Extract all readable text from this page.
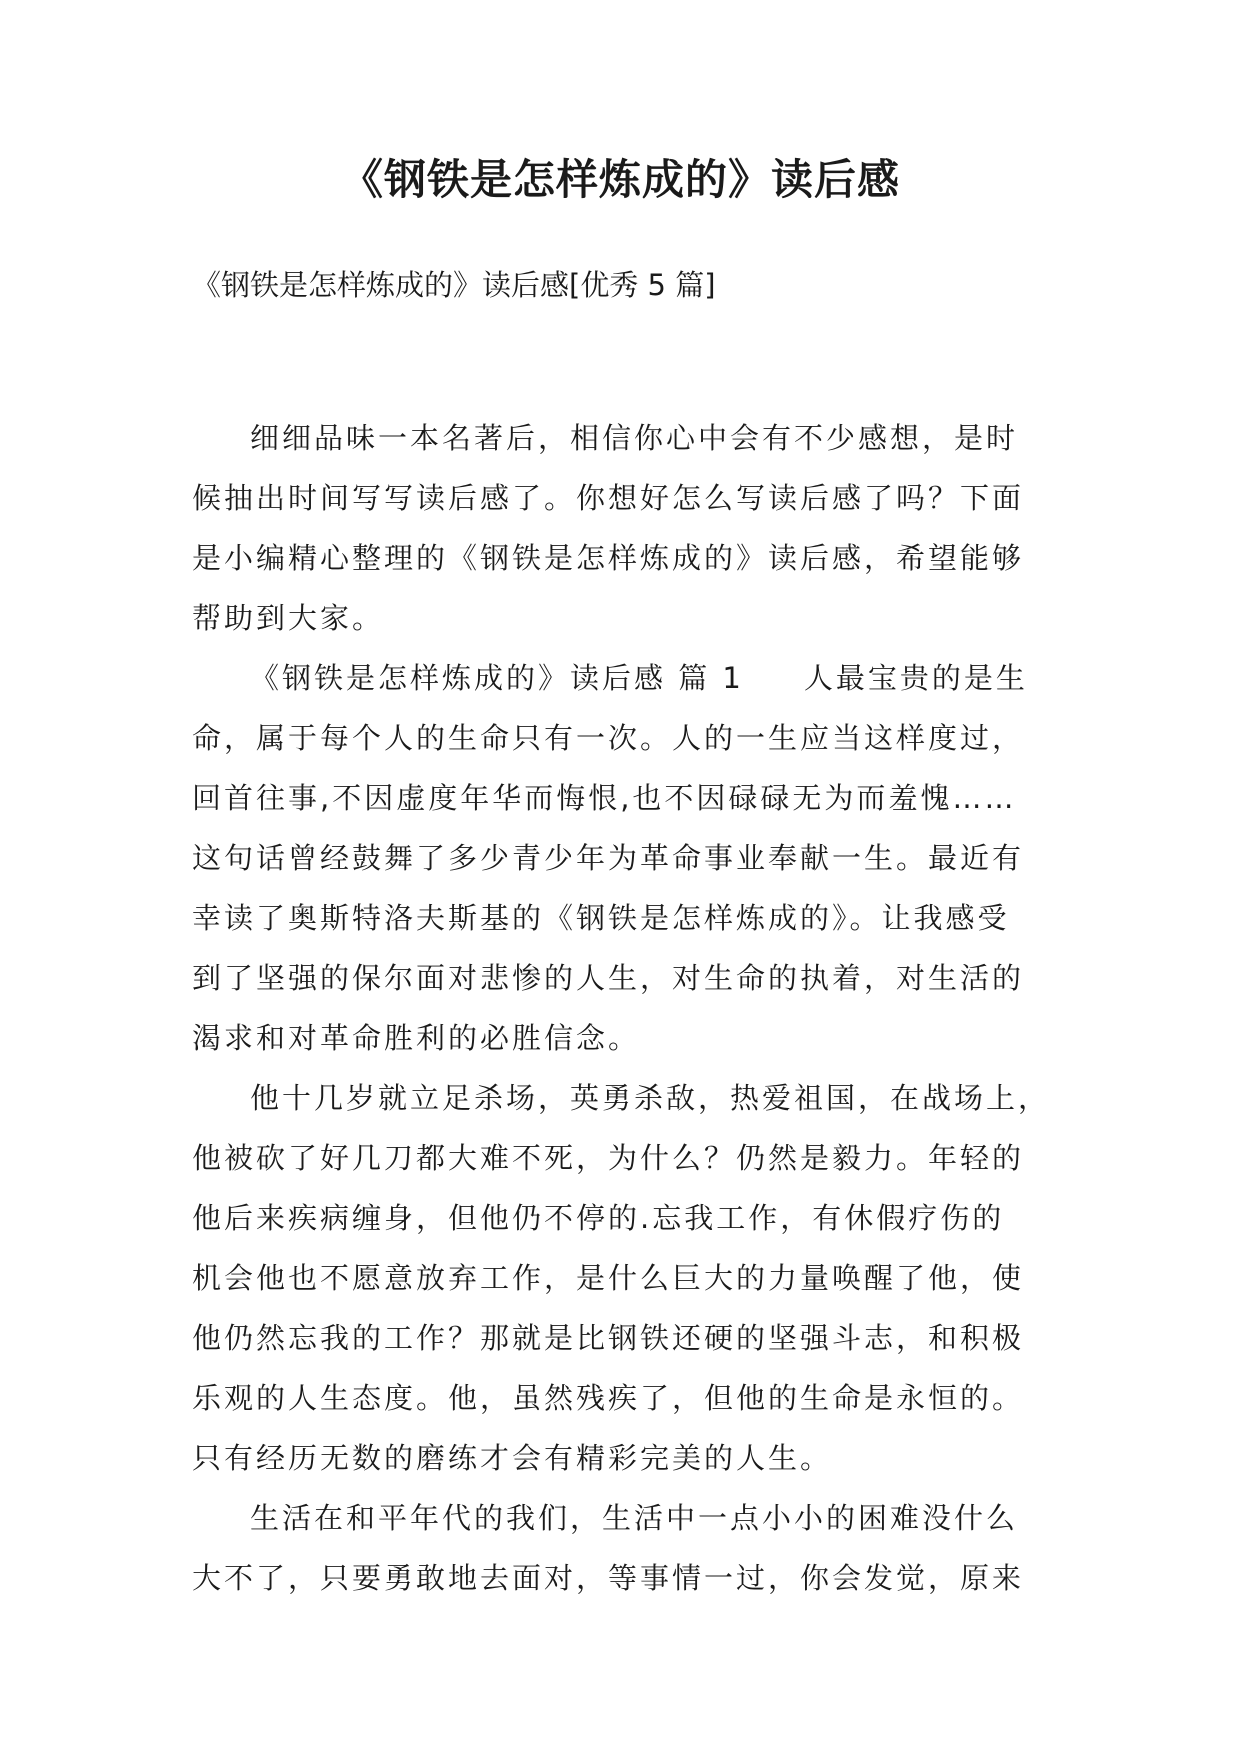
《钢铁是怎样炼成的》读后感

《钢铁是怎样炼成的》读后感[优秀 5 篇]

细细品味一本名著后，相信你心中会有不少感想，是时
候抽出时间写写读后感了。你想好怎么写读后感了吗？下面
是小编精心整理的《钢铁是怎样炼成的》读后感，希望能够
帮助到大家。

《钢铁是怎样炼成的》读后感 篇 1 人最宝贵的是生
命，属于每个人的生命只有一次。人的一生应当这样度过，
回首往事,不因虚度年华而悔恨,也不因碌碌无为而羞愧……
这句话曾经鼓舞了多少青少年为革命事业奉献一生。最近有
幸读了奥斯特洛夫斯基的《钢铁是怎样炼成的》。让我感受
到了坚强的保尔面对悲惨的人生，对生命的执着，对生活的
渴求和对革命胜利的必胜信念。

他十几岁就立足杀场，英勇杀敌，热爱祖国，在战场上，
他被砍了好几刀都大难不死，为什么？仍然是毅力。年轻的
他后来疾病缠身，但他仍不停的.忘我工作，有休假疗伤的
机会他也不愿意放弃工作，是什么巨大的力量唤醒了他，使
他仍然忘我的工作？那就是比钢铁还硬的坚强斗志，和积极
乐观的人生态度。他，虽然残疾了，但他的生命是永恒的。
只有经历无数的磨练才会有精彩完美的人生。

生活在和平年代的我们，生活中一点小小的困难没什么
大不了，只要勇敢地去面对，等事情一过，你会发觉，原来
